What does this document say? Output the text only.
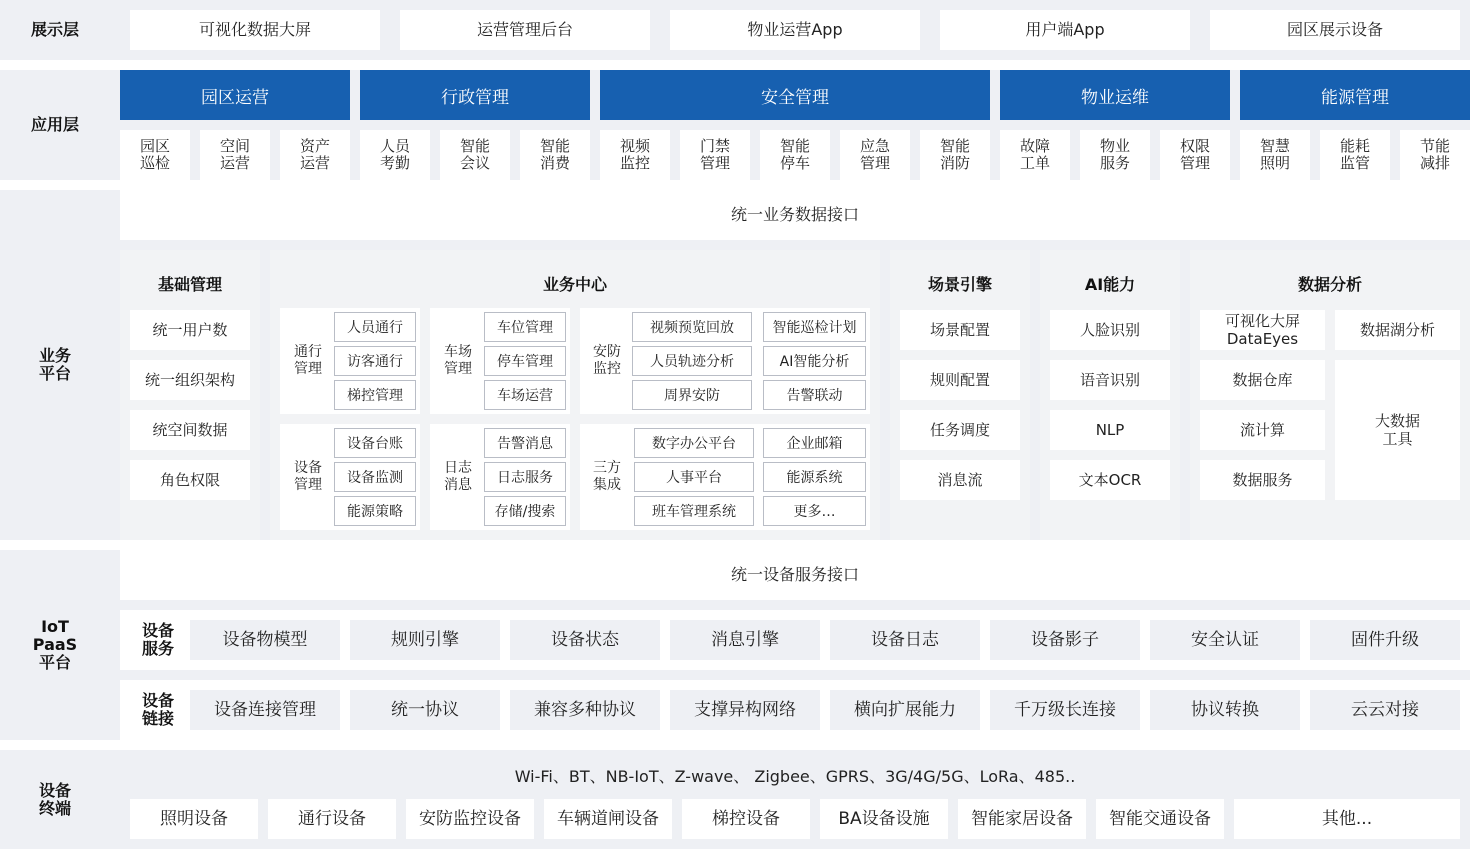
展示层	可视化数据大屏	运营管理后台	物业运营App	用户端App	园区展示设备
应用层
园区运营	行政管理	安全管理	物业运维	能源管理
园区
巡检
空间
运营
资产
运营
人员
考勤
智能
会议
智能
消费
视频
监控
门禁
管理
智能
停车
应急
管理
智能
消防
故障
工单
物业
服务
权限
管理
智慧
照明
能耗
监管
节能
减排
业务
平台
统一业务数据接口
基础管理
统一用户数
统一组织架构
统空间数据
角色权限
业务中心
通行
管理
人员通行
访客通行
梯控管理
车场
管理
车位管理
停车管理
车场运营
安防
监控
视频预览回放	智能巡检计划
人员轨迹分析	AI智能分析
周界安防	告警联动
设备
管理
设备台账
设备监测
能源策略
日志
消息
告警消息
日志服务
存储/搜索
三方
集成
数字办公平台	企业邮箱
人事平台	能源系统
班车管理系统	更多…
场景引擎
场景配置
规则配置
任务调度
消息流
AI能力
人脸识别
语音识别
NLP
文本OCR
数据分析
可视化大屏
DataEyes
数据仓库
流计算
数据服务
数据湖分析
大数据
工具
IoT
PaaS
平台
统一设备服务接口
设备
服务	设备物模型	规则引擎	设备状态	消息引擎	设备日志	设备影子	安全认证	固件升级
设备
链接	设备连接管理	统一协议	兼容多种协议	支撑异构网络	横向扩展能力	千万级长连接	协议转换	云云对接
设备
终端
Wi-Fi、BT、NB-IoT、Z-wave、 Zigbee、GPRS、3G/4G/5G、LoRa、485..
照明设备	通行设备	安防监控设备	车辆道闸设备	梯控设备	BA设备设施	智能家居设备	智能交通设备	其他...
